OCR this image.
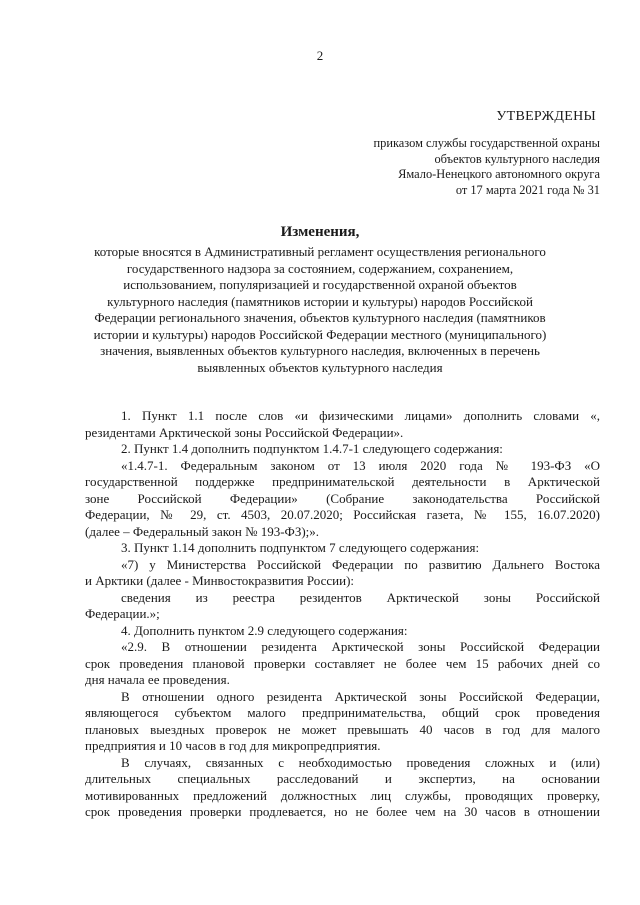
2
УТВЕРЖДЕНЫ
приказом службы государственной охраны
объектов культурного наследия
Ямало-Ненецкого автономного округа
от 17 марта 2021 года № 31
Изменения,
которые вносятся в Административный регламент осуществления регионального
государственного надзора за состоянием, содержанием, сохранением,
использованием, популяризацией и государственной охраной объектов
культурного наследия (памятников истории и культуры) народов Российской
Федерации регионального значения, объектов культурного наследия (памятников
истории и культуры) народов Российской Федерации местного (муниципального)
значения, выявленных объектов культурного наследия, включенных в перечень
выявленных объектов культурного наследия
1. Пункт 1.1 после слов «и физическими лицами» дополнить словами «,
резидентами Арктической зоны Российской Федерации».
2. Пункт 1.4 дополнить подпунктом 1.4.7-1 следующего содержания:
«1.4.7-1. Федеральным законом от 13 июля 2020 года № 193-ФЗ «О
государственной поддержке предпринимательской деятельности в Арктической
зоне Российской Федерации» (Собрание законодательства Российской
Федерации, № 29, ст. 4503, 20.07.2020; Российская газета, № 155, 16.07.2020)
(далее – Федеральный закон № 193-ФЗ);».
3. Пункт 1.14 дополнить подпунктом 7 следующего содержания:
«7) у Министерства Российской Федерации по развитию Дальнего Востока
и Арктики (далее - Минвостокразвития России):
сведения из реестра резидентов Арктической зоны Российской
Федерации.»;
4. Дополнить пунктом 2.9 следующего содержания:
«2.9. В отношении резидента Арктической зоны Российской Федерации
срок проведения плановой проверки составляет не более чем 15 рабочих дней со
дня начала ее проведения.
В отношении одного резидента Арктической зоны Российской Федерации,
являющегося субъектом малого предпринимательства, общий срок проведения
плановых выездных проверок не может превышать 40 часов в год для малого
предприятия и 10 часов в год для микропредприятия.
В случаях, связанных с необходимостью проведения сложных и (или)
длительных специальных расследований и экспертиз, на основании
мотивированных предложений должностных лиц службы, проводящих проверку,
срок проведения проверки продлевается, но не более чем на 30 часов в отношении
